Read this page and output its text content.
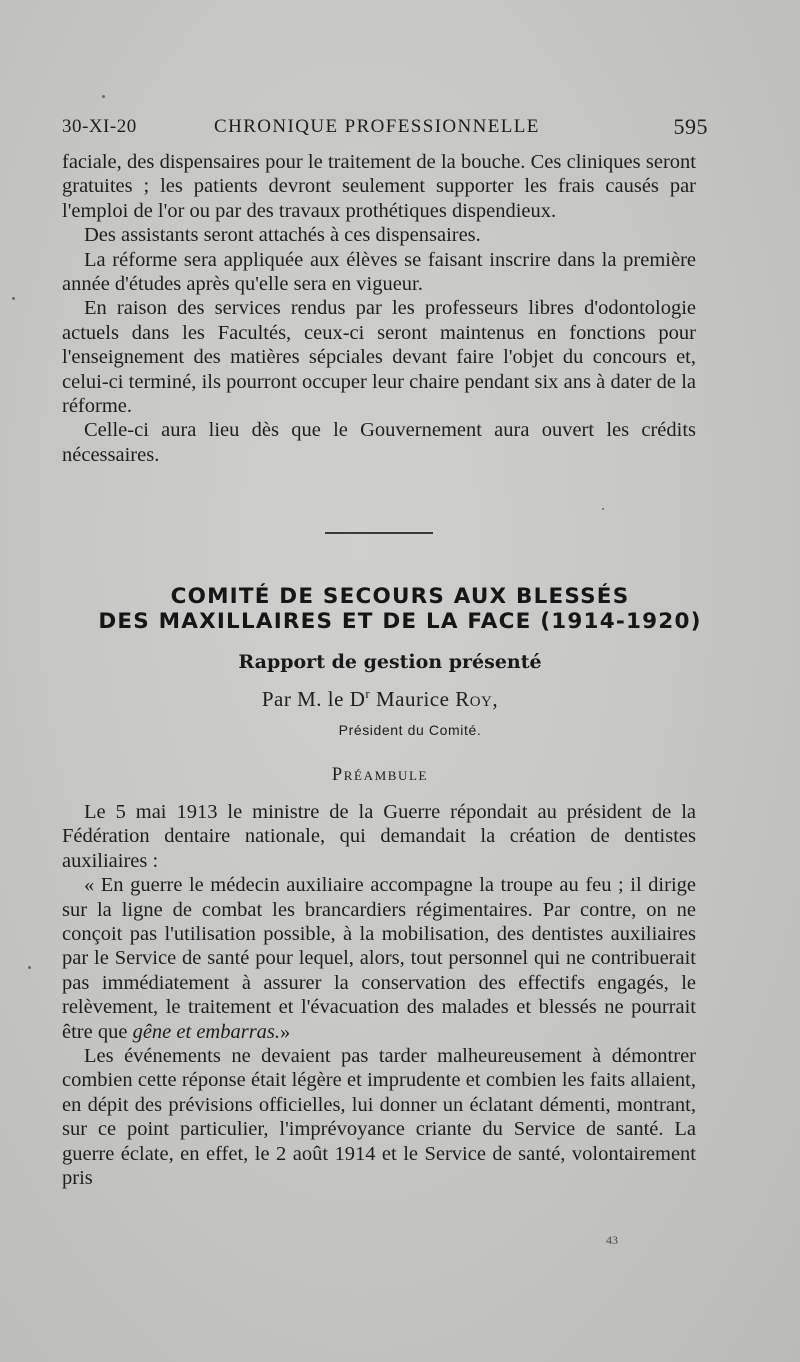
30-XI-20	CHRONIQUE PROFESSIONNELLE	595

faciale, des dispensaires pour le traitement de la bouche. Ces cliniques seront gratuites ; les patients devront seulement supporter les frais causés par l'emploi de l'or ou par des travaux prothétiques dispendieux.

Des assistants seront attachés à ces dispensaires.

La réforme sera appliquée aux élèves se faisant inscrire dans la première année d'études après qu'elle sera en vigueur.

En raison des services rendus par les professeurs libres d'odontologie actuels dans les Facultés, ceux-ci seront maintenus en fonctions pour l'enseignement des matières sépciales devant faire l'objet du concours et, celui-ci terminé, ils pourront occuper leur chaire pendant six ans à dater de la réforme.

Celle-ci aura lieu dès que le Gouvernement aura ouvert les crédits nécessaires.

COMITÉ DE SECOURS AUX BLESSÉS
DES MAXILLAIRES ET DE LA FACE (1914-1920)
Rapport de gestion présenté
Par M. le $D^r$ Maurice Roy,
Président du Comité.
Préambule

Le 5 mai 1913 le ministre de la Guerre répondait au président de la Fédération dentaire nationale, qui demandait la création de dentistes auxiliaires :

« En guerre le médecin auxiliaire accompagne la troupe au feu ; il dirige sur la ligne de combat les brancardiers régimentaires. Par contre, on ne conçoit pas l'utilisation possible, à la mobilisation, des dentistes auxiliaires par le Service de santé pour lequel, alors, tout personnel qui ne contribuerait pas immédiatement à assurer la conservation des effectifs engagés, le relèvement, le traitement et l'évacuation des malades et blessés ne pourrait être que gêne et embarras.»

Les événements ne devaient pas tarder malheureusement à démontrer combien cette réponse était légère et imprudente et combien les faits allaient, en dépit des prévisions officielles, lui donner un éclatant démenti, montrant, sur ce point particulier, l'imprévoyance criante du Service de santé. La guerre éclate, en effet, le 2 août 1914 et le Service de santé, volontairement pris

43
